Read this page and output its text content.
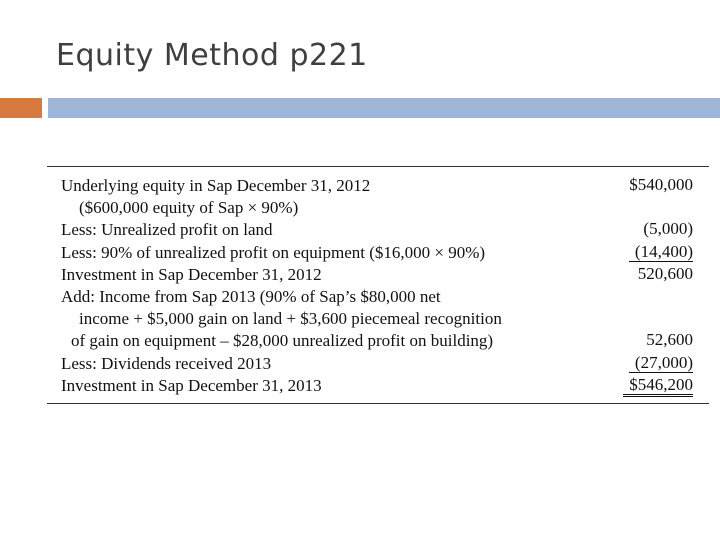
Equity Method p221
Underlying equity in Sap December 31, 2012	$540,000
($600,000 equity of Sap × 90%)
Less: Unrealized profit on land	(5,000)
Less: 90% of unrealized profit on equipment ($16,000 × 90%)	(14,400)
Investment in Sap December 31, 2012	520,600
Add: Income from Sap 2013 (90% of Sap’s $80,000 net
income + $5,000 gain on land + $3,600 piecemeal recognition
of gain on equipment – $28,000 unrealized profit on building)	52,600
Less: Dividends received 2013	(27,000)
Investment in Sap December 31, 2013	$546,200
